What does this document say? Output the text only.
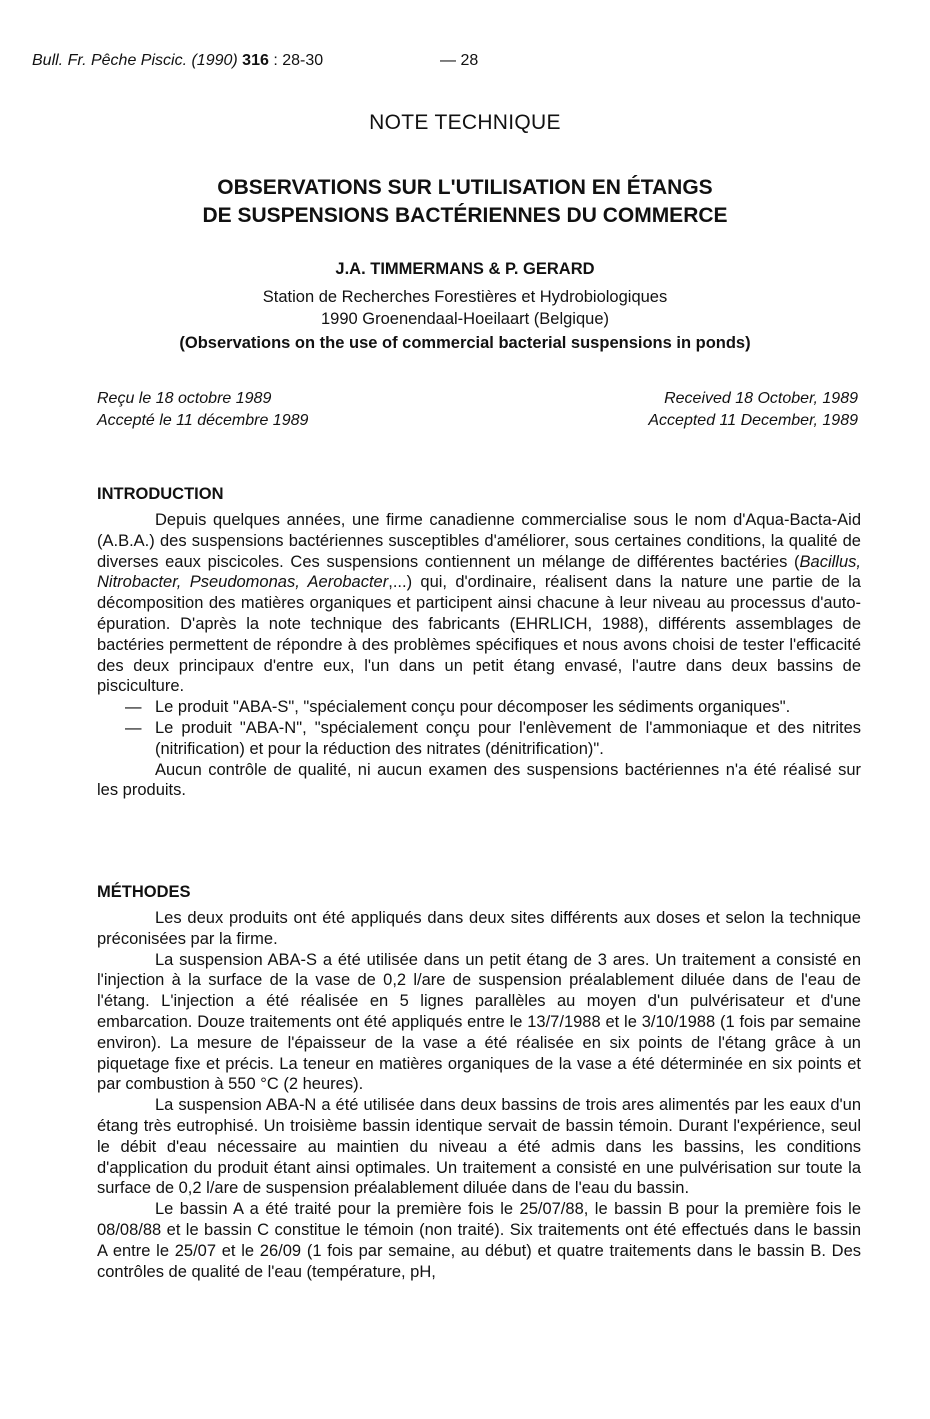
Bull. Fr. Pêche Piscic. (1990) 316 : 28-30	— 28
NOTE TECHNIQUE
OBSERVATIONS SUR L'UTILISATION EN ÉTANGS
DE SUSPENSIONS BACTÉRIENNES DU COMMERCE
J.A. TIMMERMANS & P. GERARD
Station de Recherches Forestières et Hydrobiologiques
1990 Groenendaal-Hoeilaart (Belgique)
(Observations on the use of commercial bacterial suspensions in ponds)
Reçu le 18 octobre 1989
Accepté le 11 décembre 1989
Received 18 October, 1989
Accepted 11 December, 1989
INTRODUCTION

Depuis quelques années, une firme canadienne commercialise sous le nom d'Aqua-Bacta-Aid (A.B.A.) des suspensions bactériennes susceptibles d'améliorer, sous certaines conditions, la qualité de diverses eaux piscicoles. Ces suspensions contiennent un mélange de différentes bactéries (Bacillus, Nitrobacter, Pseudomonas, Aerobacter,...) qui, d'ordinaire, réalisent dans la nature une partie de la décomposition des matières organiques et participent ainsi chacune à leur niveau au processus d'auto-épuration. D'après la note technique des fabricants (EHRLICH, 1988), différents assemblages de bactéries permettent de répondre à des problèmes spécifiques et nous avons choisi de tester l'efficacité des deux principaux d'entre eux, l'un dans un petit étang envasé, l'autre dans deux bassins de pisciculture.

— Le produit "ABA-S", "spécialement conçu pour décomposer les sédiments organiques".

— Le produit "ABA-N", "spécialement conçu pour l'enlèvement de l'ammoniaque et des nitrites (nitrification) et pour la réduction des nitrates (dénitrification)".

Aucun contrôle de qualité, ni aucun examen des suspensions bactériennes n'a été réalisé sur les produits.

MÉTHODES

Les deux produits ont été appliqués dans deux sites différents aux doses et selon la technique préconisées par la firme.

La suspension ABA-S a été utilisée dans un petit étang de 3 ares. Un traitement a consisté en l'injection à la surface de la vase de 0,2 l/are de suspension préalablement diluée dans de l'eau de l'étang. L'injection a été réalisée en 5 lignes parallèles au moyen d'un pulvérisateur et d'une embarcation. Douze traitements ont été appliqués entre le 13/7/1988 et le 3/10/1988 (1 fois par semaine environ). La mesure de l'épaisseur de la vase a été réalisée en six points de l'étang grâce à un piquetage fixe et précis. La teneur en matières organiques de la vase a été déterminée en six points et par combustion à 550 °C (2 heures).

La suspension ABA-N a été utilisée dans deux bassins de trois ares alimentés par les eaux d'un étang très eutrophisé. Un troisième bassin identique servait de bassin témoin. Durant l'expérience, seul le débit d'eau nécessaire au maintien du niveau a été admis dans les bassins, les conditions d'application du produit étant ainsi optimales. Un traitement a consisté en une pulvérisation sur toute la surface de 0,2 l/are de suspension préalablement diluée dans de l'eau du bassin.

Le bassin A a été traité pour la première fois le 25/07/88, le bassin B pour la première fois le 08/08/88 et le bassin C constitue le témoin (non traité). Six traitements ont été effectués dans le bassin A entre le 25/07 et le 26/09 (1 fois par semaine, au début) et quatre traitements dans le bassin B. Des contrôles de qualité de l'eau (température, pH,
